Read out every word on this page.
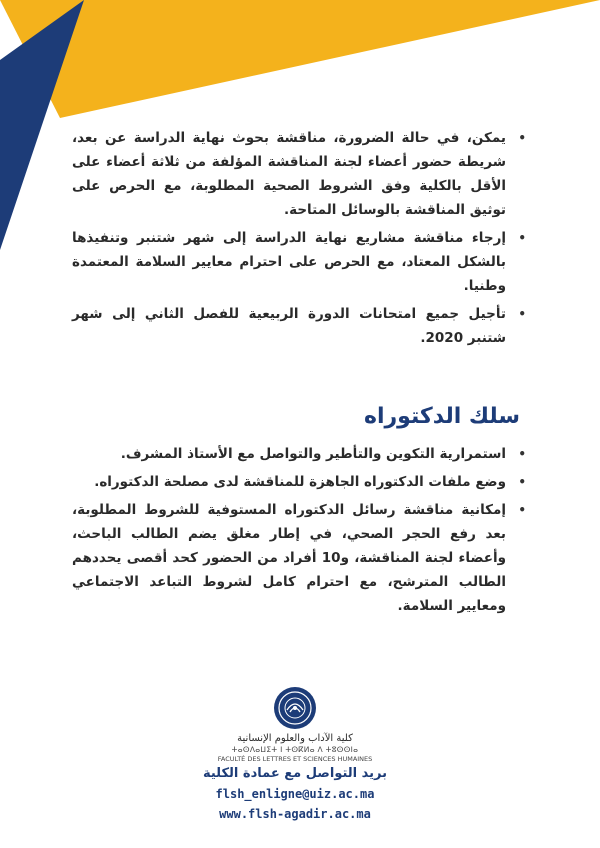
• يمكن، في حالة الضرورة، مناقشة بحوث نهاية الدراسة عن بعد، شريطة حضور أعضاء لجنة المناقشة المؤلفة من ثلاثة أعضاء على الأقل بالكلية وفق الشروط الصحية المطلوبة، مع الحرص على توثيق المناقشة بالوسائل المتاحة.
• إرجاء مناقشة مشاريع نهاية الدراسة إلى شهر شتنبر وتنفيذها بالشكل المعتاد، مع الحرص على احترام معايير السلامة المعتمدة وطنيا.
• تأجيل جميع امتحانات الدورة الربيعية للفصل الثاني إلى شهر شتنبر 2020.
سلك الدكتوراه
• استمرارية التكوين والتأطير والتواصل مع الأستاذ المشرف.
• وضع ملفات الدكتوراه الجاهزة للمناقشة لدى مصلحة الدكتوراه.
• إمكانية مناقشة رسائل الدكتوراه المستوفية للشروط المطلوبة، بعد رفع الحجر الصحي، في إطار مغلق يضم الطالب الباحث، وأعضاء لجنة المناقشة، و10 أفراد من الحضور كحد أقصى يحددهم الطالب المترشح، مع احترام كامل لشروط التباعد الاجتماعي ومعايير السلامة.
كلية الآداب والعلوم الإنسانية
ⵜⴰⵙⴷⴰⵡⵉⵜ ⵏ ⵜⵙⴽⵍⴰ ⴷ ⵜⵓⵙⵙⵏⴰ
FACULTÉ DES LETTRES ET SCIENCES HUMAINES
بريد التواصل مع عمادة الكلية
flsh_enligne@uiz.ac.ma
www.flsh-agadir.ac.ma
